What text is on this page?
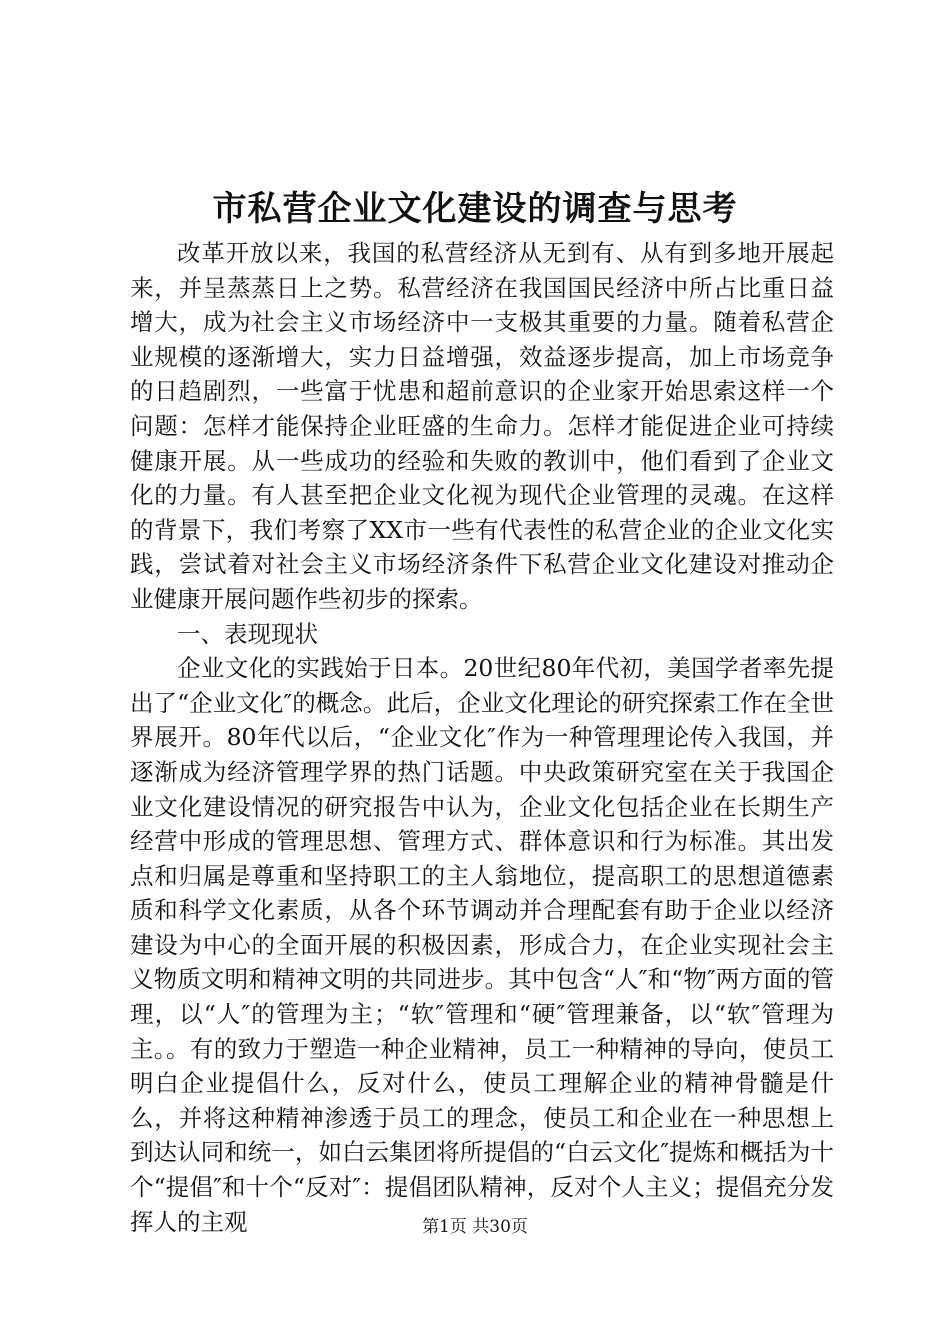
市私营企业文化建设的调查与思考

改革开放以来，我国的私营经济从无到有、从有到多地开展起来，并呈蒸蒸日上之势。私营经济在我国国民经济中所占比重日益增大，成为社会主义市场经济中一支极其重要的力量。随着私营企业规模的逐渐增大，实力日益增强，效益逐步提高，加上市场竞争的日趋剧烈，一些富于忧患和超前意识的企业家开始思索这样一个问题：怎样才能保持企业旺盛的生命力。怎样才能促进企业可持续健康开展。从一些成功的经验和失败的教训中，他们看到了企业文化的力量。有人甚至把企业文化视为现代企业管理的灵魂。在这样的背景下，我们考察了XX市一些有代表性的私营企业的企业文化实践，尝试着对社会主义市场经济条件下私营企业文化建设对推动企业健康开展问题作些初步的探索。

一、表现现状

企业文化的实践始于日本。20世纪80年代初，美国学者率先提出了“企业文化″的概念。此后，企业文化理论的研究探索工作在全世界展开。80年代以后，“企业文化″作为一种管理理论传入我国，并逐渐成为经济管理学界的热门话题。中央政策研究室在关于我国企业文化建设情况的研究报告中认为，企业文化包括企业在长期生产经营中形成的管理思想、管理方式、群体意识和行为标准。其出发点和归属是尊重和坚持职工的主人翁地位，提高职工的思想道德素质和科学文化素质，从各个环节调动并合理配套有助于企业以经济建设为中心的全面开展的积极因素，形成合力，在企业实现社会主义物质文明和精神文明的共同进步。其中包含“人″和“物″两方面的管理，以“人″的管理为主；“软″管理和“硬″管理兼备，以“软″管理为主。。有的致力于塑造一种企业精神，员工一种精神的导向，使员工明白企业提倡什么，反对什么，使员工理解企业的精神骨髓是什么，并将这种精神渗透于员工的理念，使员工和企业在一种思想上到达认同和统一，如白云集团将所提倡的“白云文化″提炼和概括为十个“提倡″和十个“反对″：提倡团队精神，反对个人主义；提倡充分发挥人的主观	第1页 共30页
